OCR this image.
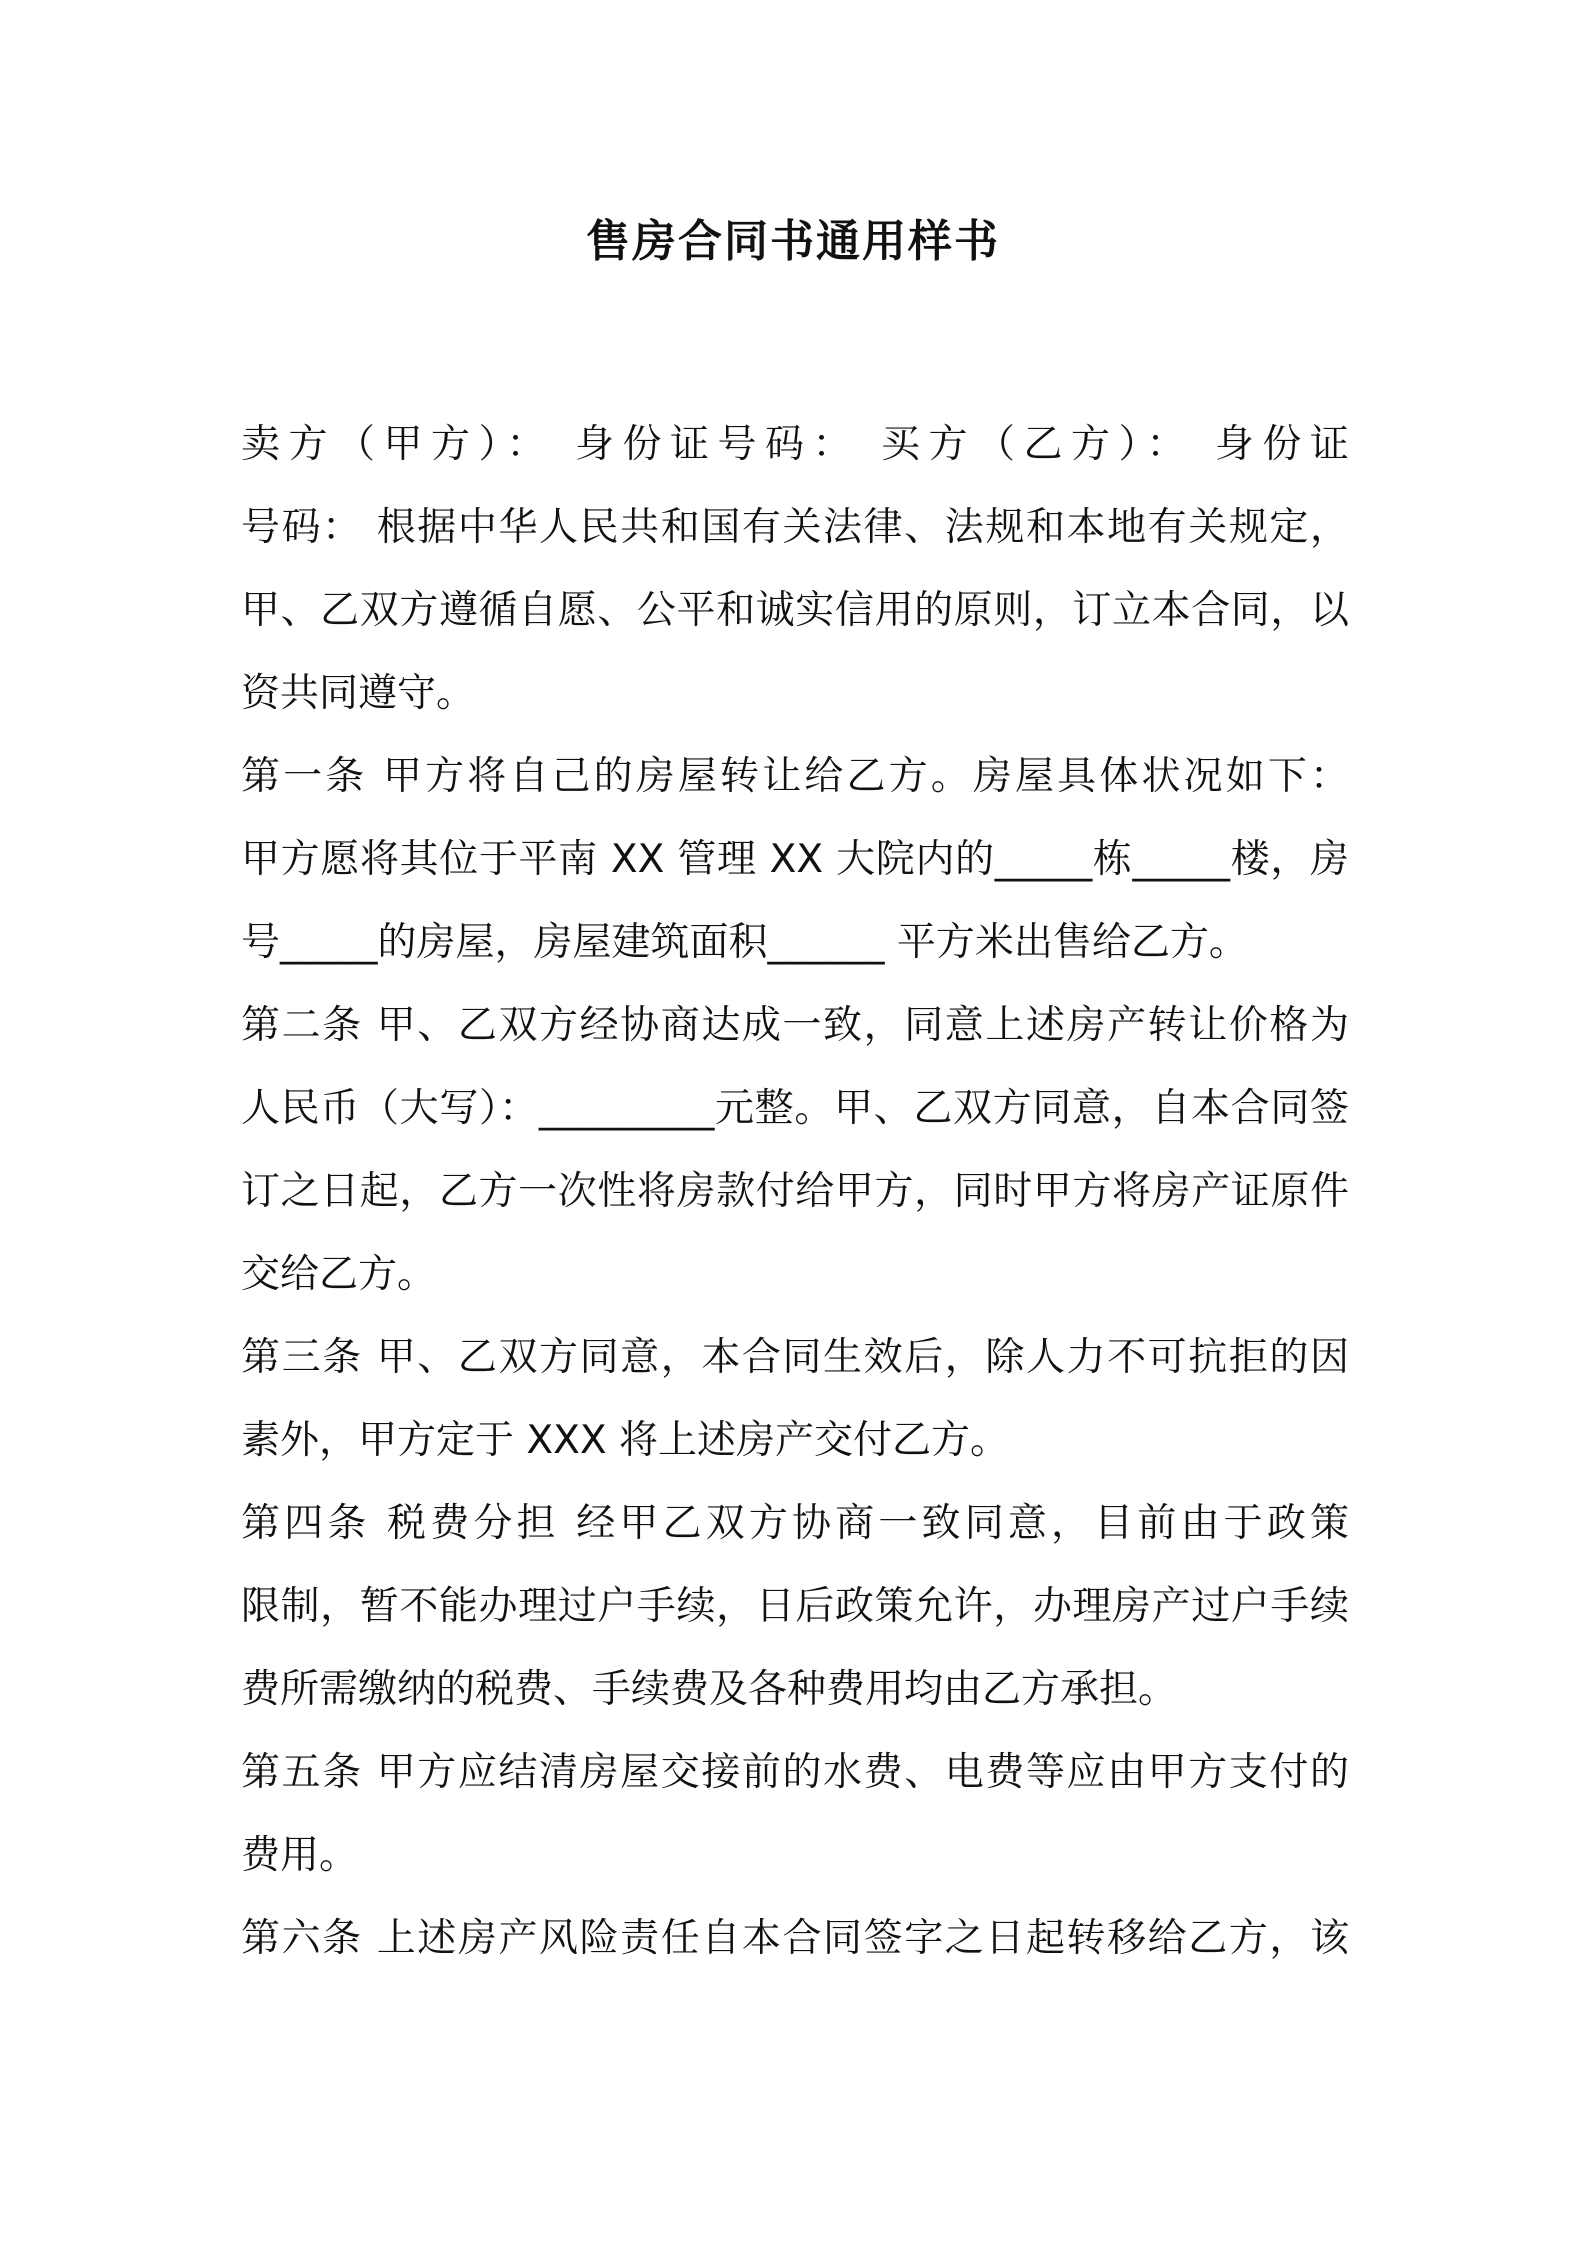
售房合同书通用样书

卖方（甲方）： 身份证号码： 买方（乙方）： 身份证

号码： 根据中华人民共和国有关法律、法规和本地有关规定，

甲、乙双方遵循自愿、公平和诚实信用的原则，订立本合同，以

资共同遵守。

第一条 甲方将自己的房屋转让给乙方。房屋具体状况如下：

甲方愿将其位于平南 XX 管理 XX 大院内的_____栋_____楼，房

号_____的房屋，房屋建筑面积______ 平方米出售给乙方。

第二条 甲、乙双方经协商达成一致，同意上述房产转让价格为

人民币（大写）：_________元整。甲、乙双方同意，自本合同签

订之日起，乙方一次性将房款付给甲方，同时甲方将房产证原件

交给乙方。

第三条 甲、乙双方同意，本合同生效后，除人力不可抗拒的因

素外，甲方定于 XXX 将上述房产交付乙方。

第四条 税费分担 经甲乙双方协商一致同意，目前由于政策

限制，暂不能办理过户手续，日后政策允许，办理房产过户手续

费所需缴纳的税费、手续费及各种费用均由乙方承担。

第五条 甲方应结清房屋交接前的水费、电费等应由甲方支付的

费用。

第六条 上述房产风险责任自本合同签字之日起转移给乙方，该
